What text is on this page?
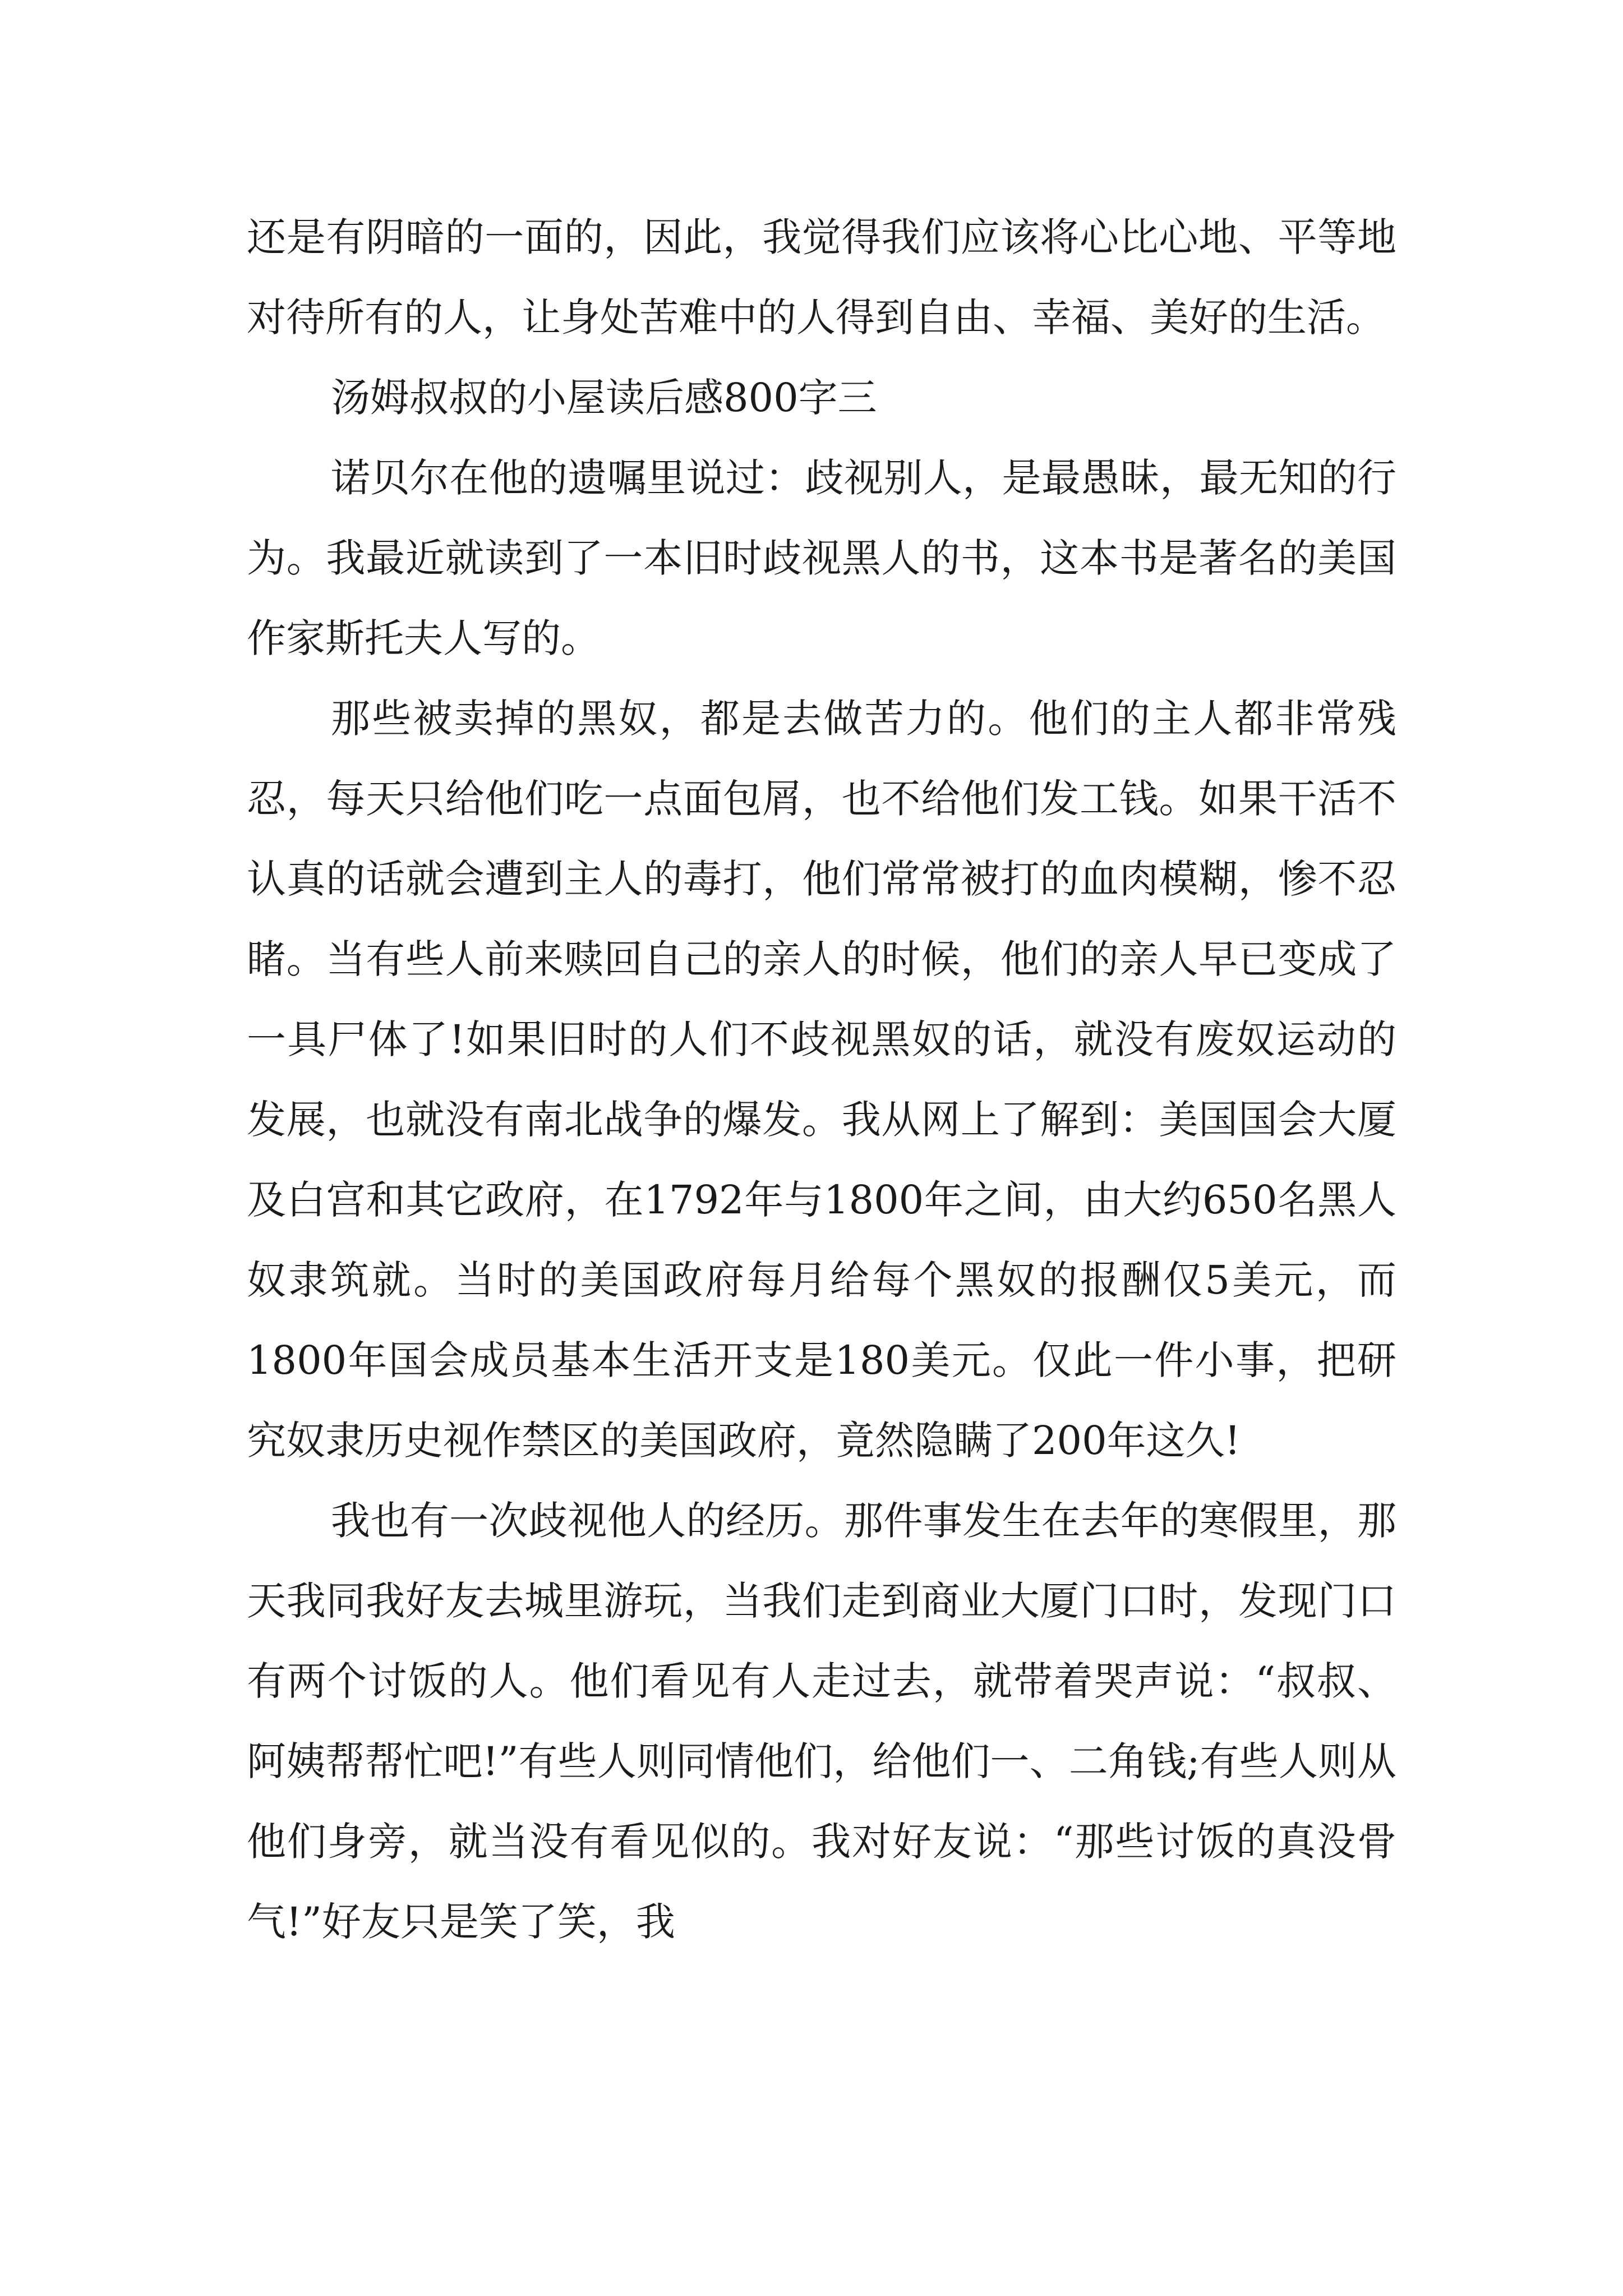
还是有阴暗的一面的，因此，我觉得我们应该将心比心地、平等地对待所有的人，让身处苦难中的人得到自由、幸福、美好的生活。

汤姆叔叔的小屋读后感800字三

诺贝尔在他的遗嘱里说过：歧视别人，是最愚昧，最无知的行为。我最近就读到了一本旧时歧视黑人的书，这本书是著名的美国作家斯托夫人写的。

那些被卖掉的黑奴，都是去做苦力的。他们的主人都非常残忍，每天只给他们吃一点面包屑，也不给他们发工钱。如果干活不认真的话就会遭到主人的毒打，他们常常被打的血肉模糊，惨不忍睹。当有些人前来赎回自己的亲人的时候，他们的亲人早已变成了一具尸体了!如果旧时的人们不歧视黑奴的话，就没有废奴运动的发展，也就没有南北战争的爆发。我从网上了解到：美国国会大厦及白宫和其它政府，在1792年与1800年之间，由大约650名黑人奴隶筑就。当时的美国政府每月给每个黑奴的报酬仅5美元，而1800年国会成员基本生活开支是180美元。仅此一件小事，把研究奴隶历史视作禁区的美国政府，竟然隐瞒了200年这久!

我也有一次歧视他人的经历。那件事发生在去年的寒假里，那天我同我好友去城里游玩，当我们走到商业大厦门口时，发现门口有两个讨饭的人。他们看见有人走过去，就带着哭声说：“叔叔、阿姨帮帮忙吧!”有些人则同情他们，给他们一、二角钱;有些人则从他们身旁，就当没有看见似的。我对好友说：“那些讨饭的真没骨气!”好友只是笑了笑，我
